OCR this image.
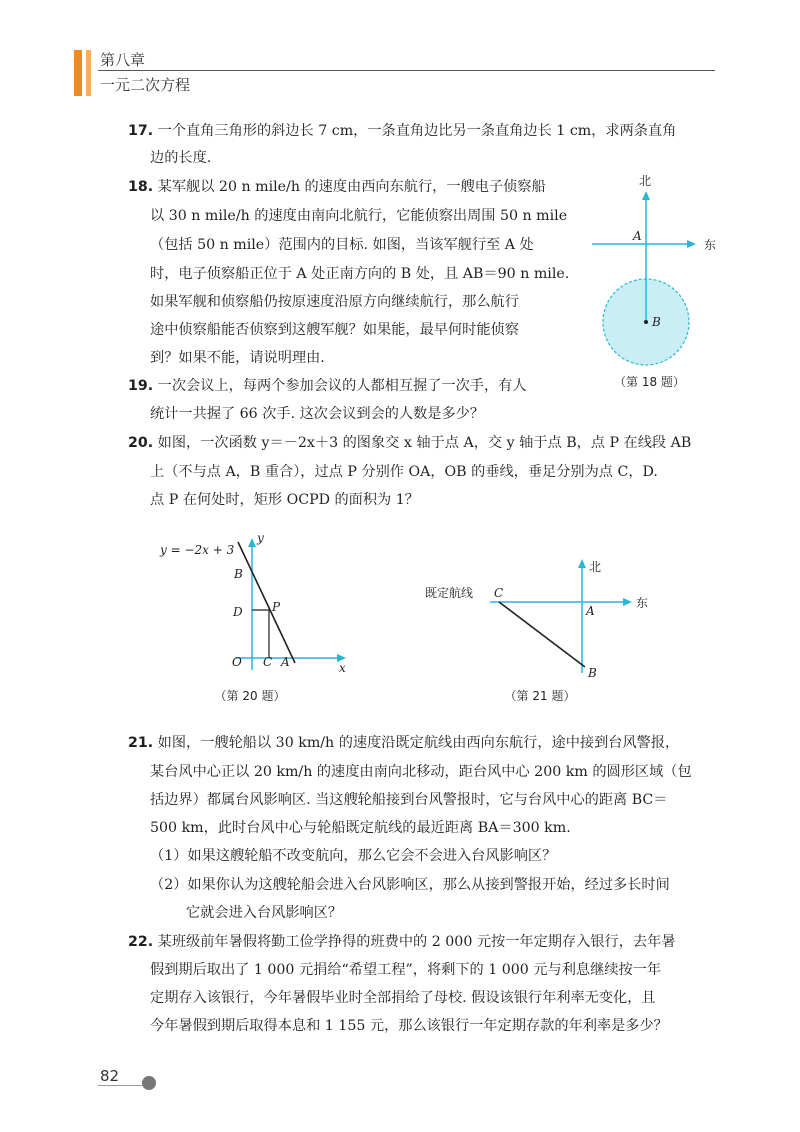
第八章
一元二次方程
17. 一个直角三角形的斜边长 7 cm，一条直角边比另一条直角边长 1 cm，求两条直角
边的长度.
18. 某军舰以 20 n mile/h 的速度由西向东航行，一艘电子侦察船
以 30 n mile/h 的速度由南向北航行，它能侦察出周围 50 n mile
（包括 50 n mile）范围内的目标. 如图，当该军舰行至 A 处
时，电子侦察船正位于 A 处正南方向的 B 处，且 AB＝90 n mile.
如果军舰和侦察船仍按原速度沿原方向继续航行，那么航行
途中侦察船能否侦察到这艘军舰？如果能，最早何时能侦察
到？如果不能，请说明理由.
北
东
A
B
（第 18 题）
19. 一次会议上，每两个参加会议的人都相互握了一次手，有人
统计一共握了 66 次手. 这次会议到会的人数是多少？
20. 如图，一次函数 y＝－2x＋3 的图象交 x 轴于点 A，交 y 轴于点 B，点 P 在线段 AB
上（不与点 A，B 重合），过点 P 分别作 OA，OB 的垂线，垂足分别为点 C，D.
点 P 在何处时，矩形 OCPD 的面积为 1？
y = −2x + 3
y
x
O
B
D P
C A
（第 20 题）
既定航线
北
东
C
A
B
（第 21 题）
21. 如图，一艘轮船以 30 km/h 的速度沿既定航线由西向东航行，途中接到台风警报，
某台风中心正以 20 km/h 的速度由南向北移动，距台风中心 200 km 的圆形区域（包
括边界）都属台风影响区. 当这艘轮船接到台风警报时，它与台风中心的距离 BC＝
500 km，此时台风中心与轮船既定航线的最近距离 BA＝300 km.
（1）如果这艘轮船不改变航向，那么它会不会进入台风影响区？
（2）如果你认为这艘轮船会进入台风影响区，那么从接到警报开始，经过多长时间
它就会进入台风影响区？
22. 某班级前年暑假将勤工俭学挣得的班费中的 2 000 元按一年定期存入银行，去年暑
假到期后取出了 1 000 元捐给“希望工程”，将剩下的 1 000 元与利息继续按一年
定期存入该银行，今年暑假毕业时全部捐给了母校. 假设该银行年利率无变化，且
今年暑假到期后取得本息和 1 155 元，那么该银行一年定期存款的年利率是多少？
82
